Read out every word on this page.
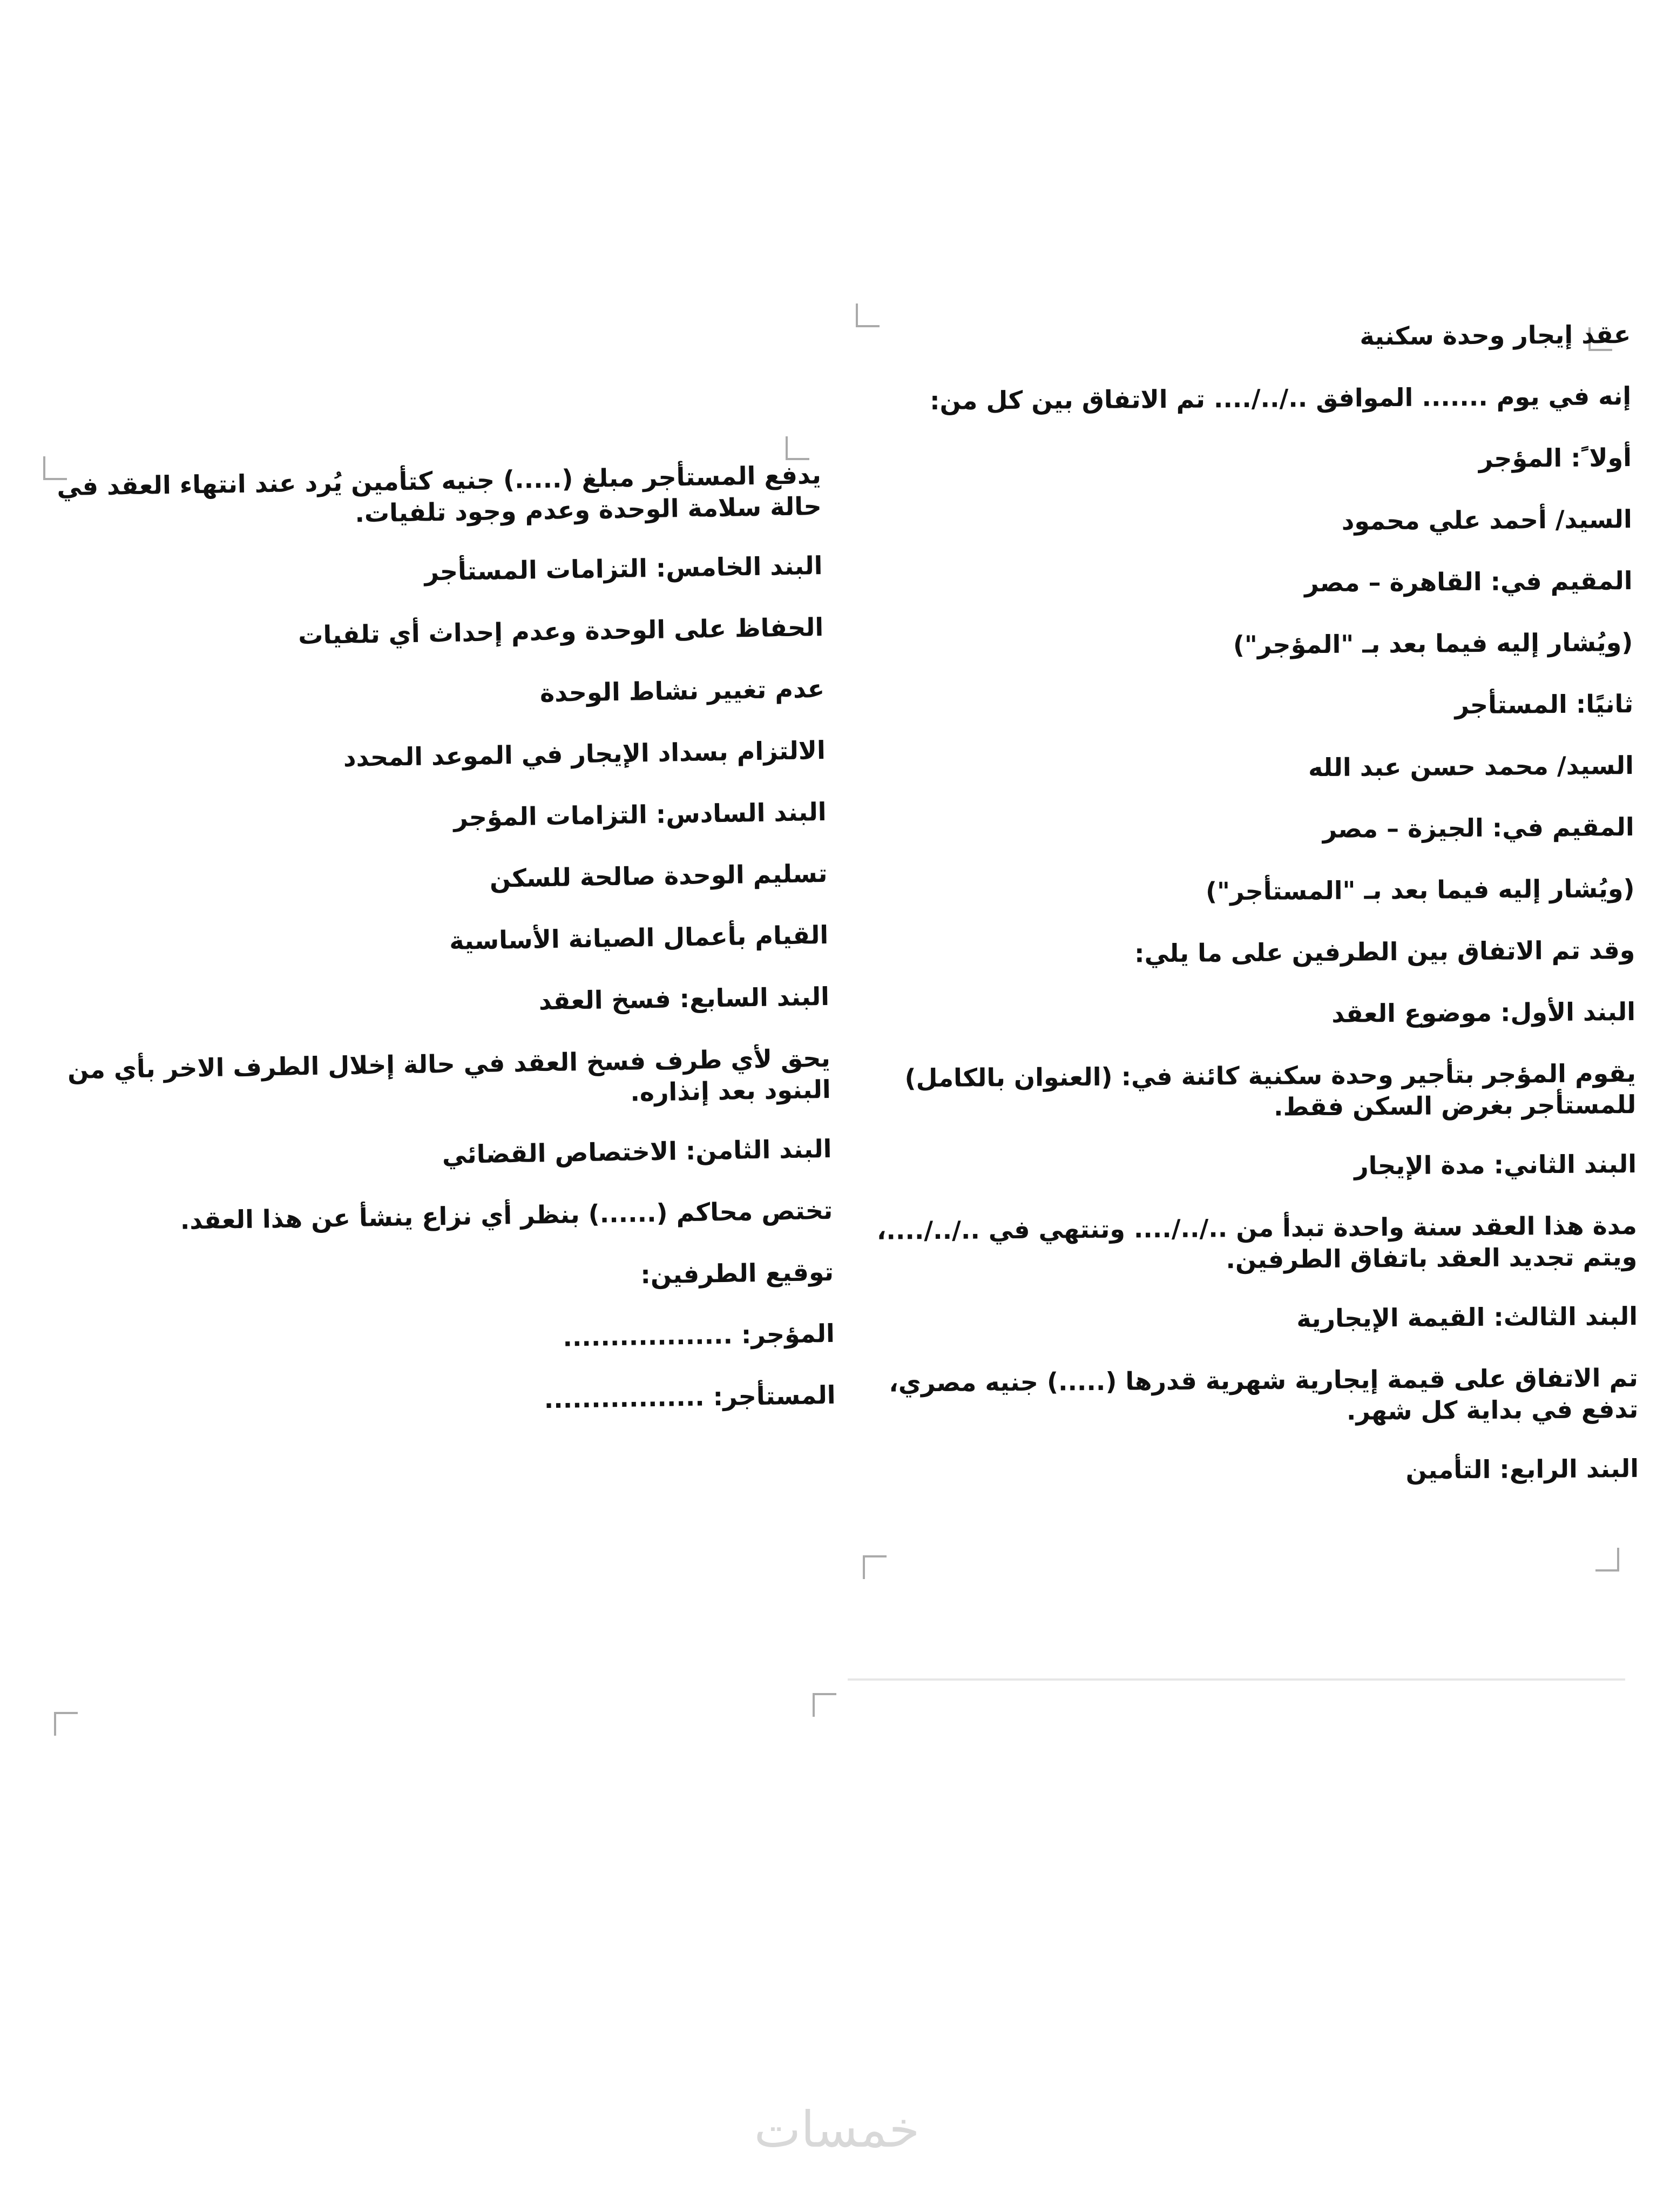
عقد إيجار وحدة سكنية
إنه في يوم ....... الموافق ../../.... تم الاتفاق بين كل من:
أولا ً: المؤجر
السيد/ أحمد علي محمود
المقيم في: القاهرة – مصر
(ويُشار إليه فيما بعد بـ "المؤجر")
ثانيًا: المستأجر
السيد/ محمد حسن عبد الله
المقيم في: الجيزة – مصر
(ويُشار إليه فيما بعد بـ "المستأجر")
وقد تم الاتفاق بين الطرفين على ما يلي:
البند الأول: موضوع العقد
يقوم المؤجر بتأجير وحدة سكنية كائنة في: (العنوان بالكامل)
للمستأجر بغرض السكن فقط.
البند الثاني: مدة الإيجار
مدة هذا العقد سنة واحدة تبدأ من ../../.... وتنتهي في ../../....،
ويتم تجديد العقد باتفاق الطرفين.
البند الثالث: القيمة الإيجارية
تم الاتفاق على قيمة إيجارية شهرية قدرها (.....) جنيه مصري،
تدفع في بداية كل شهر.
البند الرابع: التأمين
يدفع المستأجر مبلغ (.....) جنيه كتأمين يُرد عند انتهاء العقد في
حالة سلامة الوحدة وعدم وجود تلفيات.
البند الخامس: التزامات المستأجر
الحفاظ على الوحدة وعدم إحداث أي تلفيات
عدم تغيير نشاط الوحدة
الالتزام بسداد الإيجار في الموعد المحدد
البند السادس: التزامات المؤجر
تسليم الوحدة صالحة للسكن
القيام بأعمال الصيانة الأساسية
البند السابع: فسخ العقد
يحق لأي طرف فسخ العقد في حالة إخلال الطرف الاخر بأي من
البنود بعد إنذاره.
البند الثامن: الاختصاص القضائي
تختص محاكم (......) بنظر أي نزاع ينشأ عن هذا العقد.
توقيع الطرفين:
المؤجر: ..................
المستأجر: .................
خمسات
